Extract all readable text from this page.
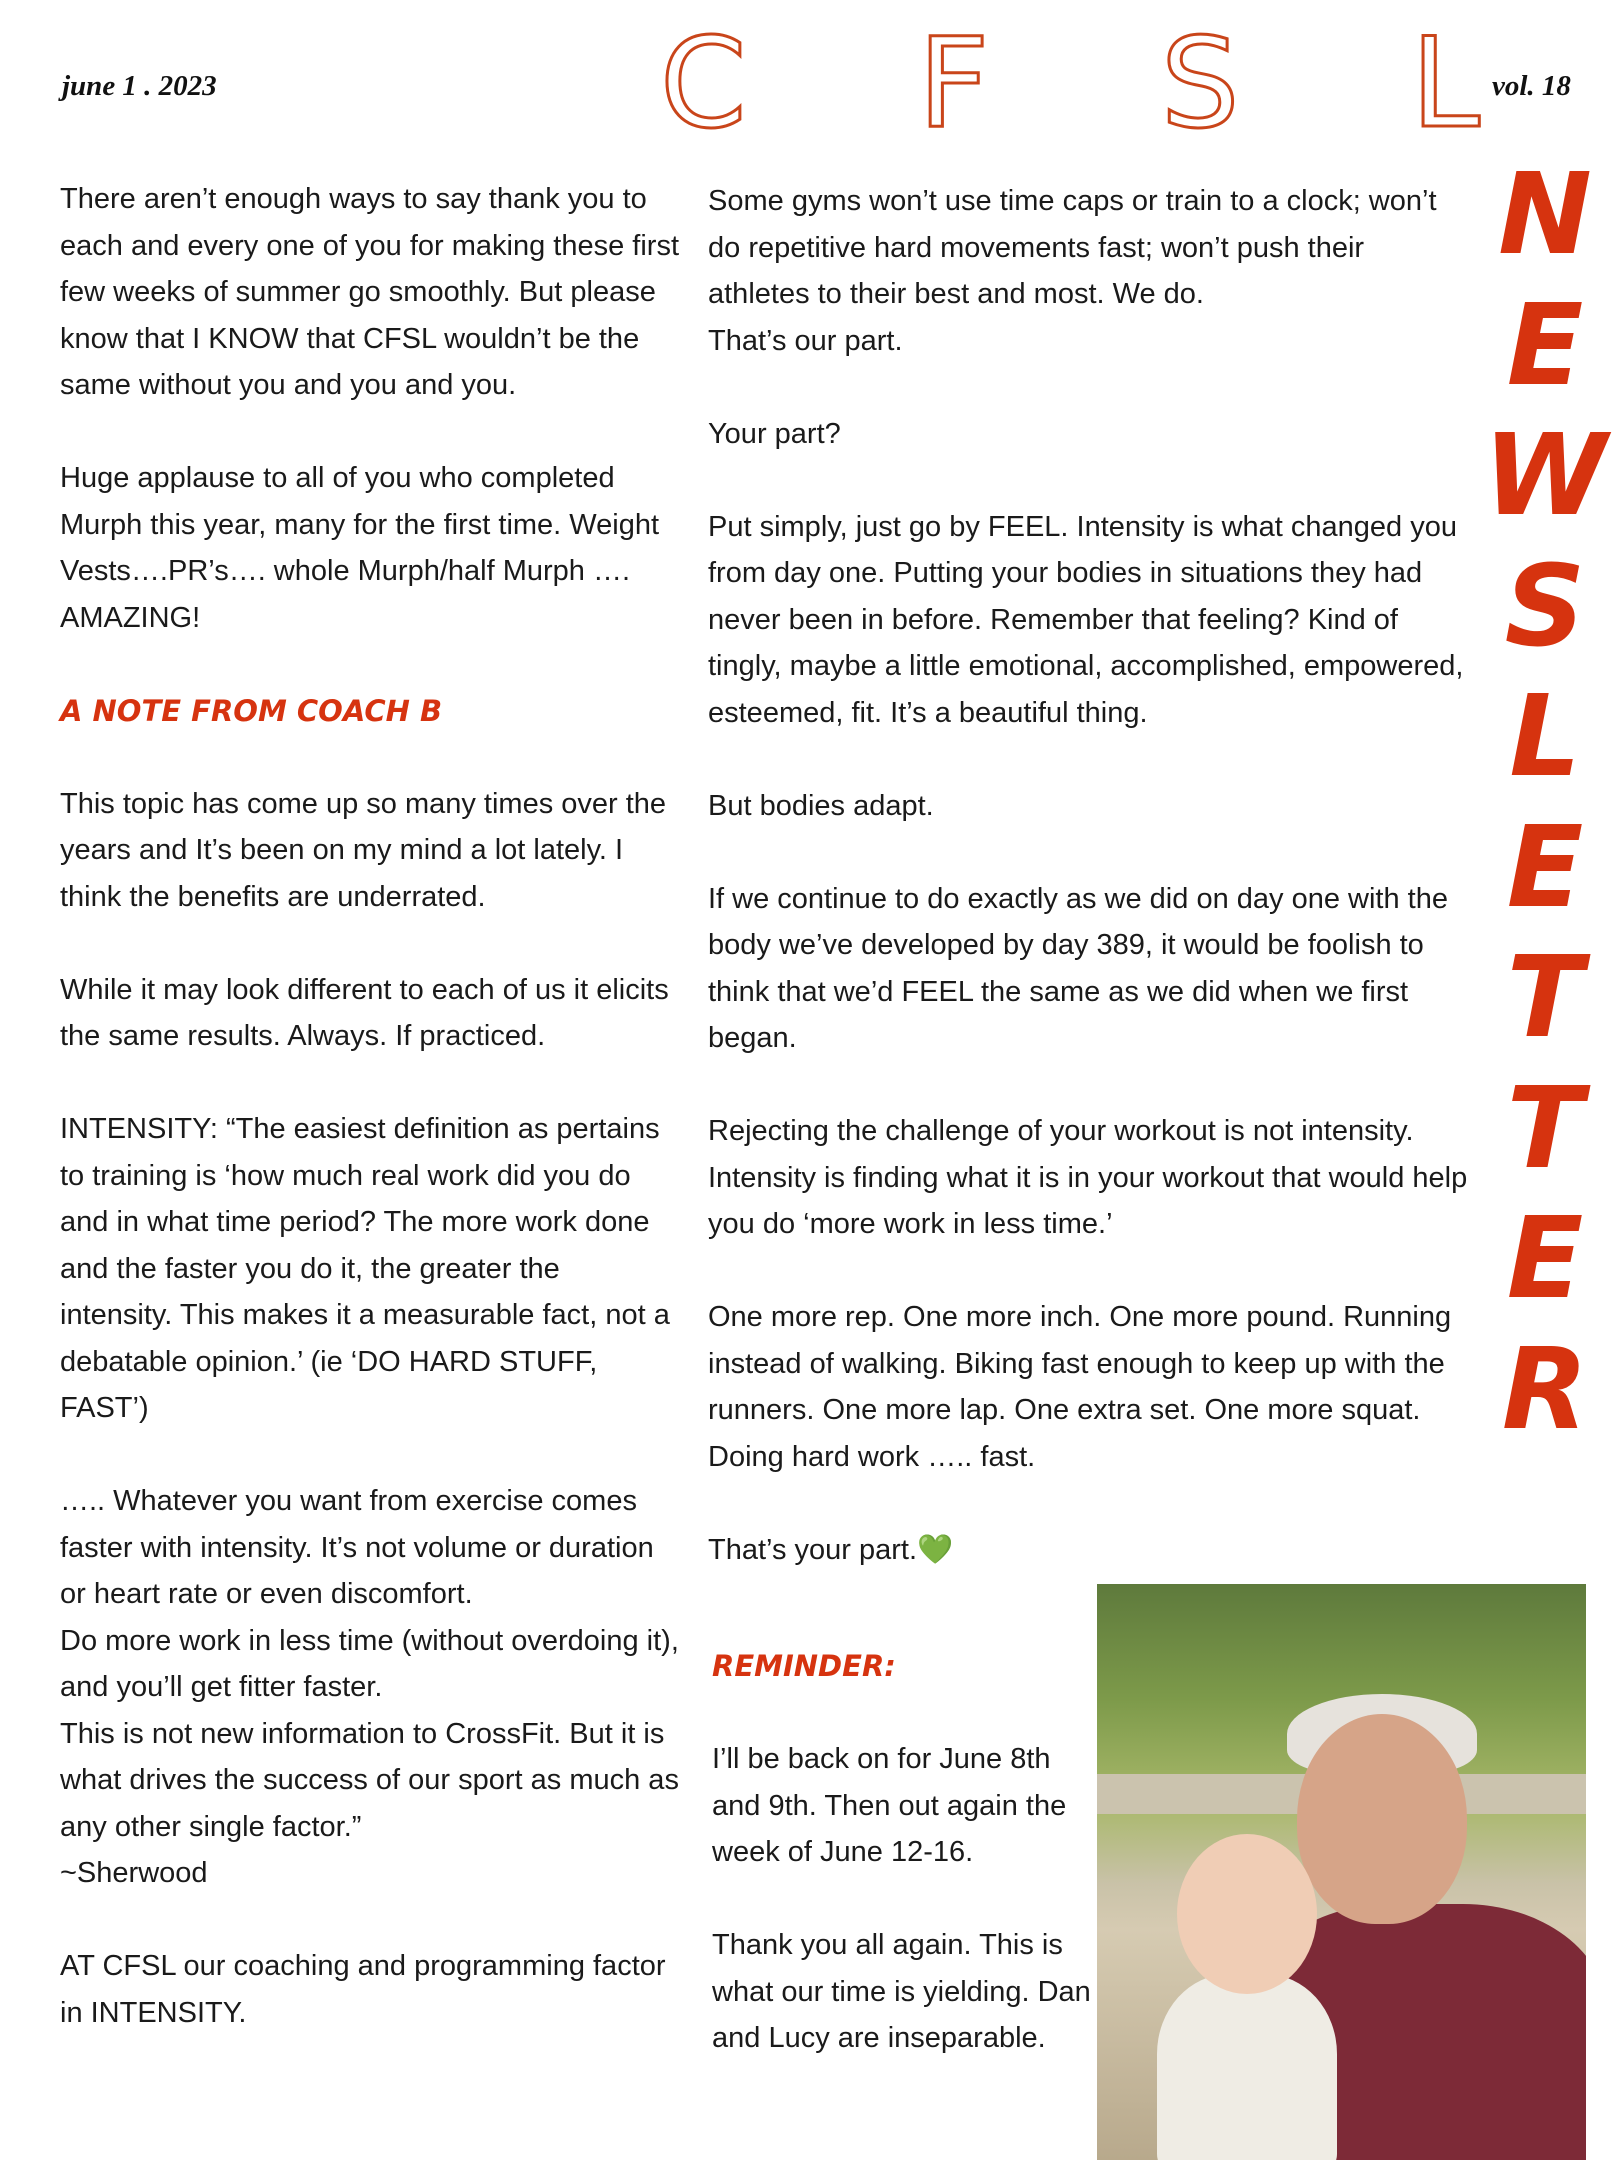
june 1 . 2023	vol. 18
C F S L
N
E
W
S
L
E
T
T
E
R

There aren’t enough ways to say thank you to each and every one of you for making these first few weeks of summer go smoothly. But please know that I KNOW that CFSL wouldn’t be the same without you and you and you.

Huge applause to all of you who completed Murph this year, many for the first time. Weight Vests….PR’s…. whole Murph/half Murph …. AMAZING!

A NOTE FROM COACH B

This topic has come up so many times over the years and It’s been on my mind a lot lately. I think the benefits are underrated.

While it may look different to each of us it elicits the same results. Always. If practiced.

INTENSITY: “The easiest definition as pertains to training is ‘how much real work did you do and in what time period? The more work done and the faster you do it, the greater the intensity. This makes it a measurable fact, not a debatable opinion.’ (ie ‘DO HARD STUFF, FAST’)

….. Whatever you want from exercise comes faster with intensity. It’s not volume or duration or heart rate or even discomfort.

Do more work in less time (without overdoing it), and you’ll get fitter faster.

This is not new information to CrossFit. But it is what drives the success of our sport as much as any other single factor.”

~Sherwood

AT CFSL our coaching and programming factor in INTENSITY.

Some gyms won’t use time caps or train to a clock; won’t do repetitive hard movements fast; won’t push their athletes to their best and most. We do.

That’s our part.

Your part?

Put simply, just go by FEEL. Intensity is what changed you from day one. Putting your bodies in situations they had never been in before. Remember that feeling? Kind of tingly, maybe a little emotional, accomplished, empowered, esteemed, fit. It’s a beautiful thing.

But bodies adapt.

If we continue to do exactly as we did on day one with the body we’ve developed by day 389, it would be foolish to think that we’d FEEL the same as we did when we first began.

Rejecting the challenge of your workout is not intensity. Intensity is finding what it is in your workout that would help you do ‘more work in less time.’

One more rep. One more inch. One more pound. Running instead of walking. Biking fast enough to keep up with the runners. One more lap. One extra set. One more squat. Doing hard work ….. fast.

That’s your part.💚

REMINDER:

I’ll be back on for June 8th and 9th. Then out again the week of June 12-16.

Thank you all again. This is what our time is yielding. Dan and Lucy are inseparable.
